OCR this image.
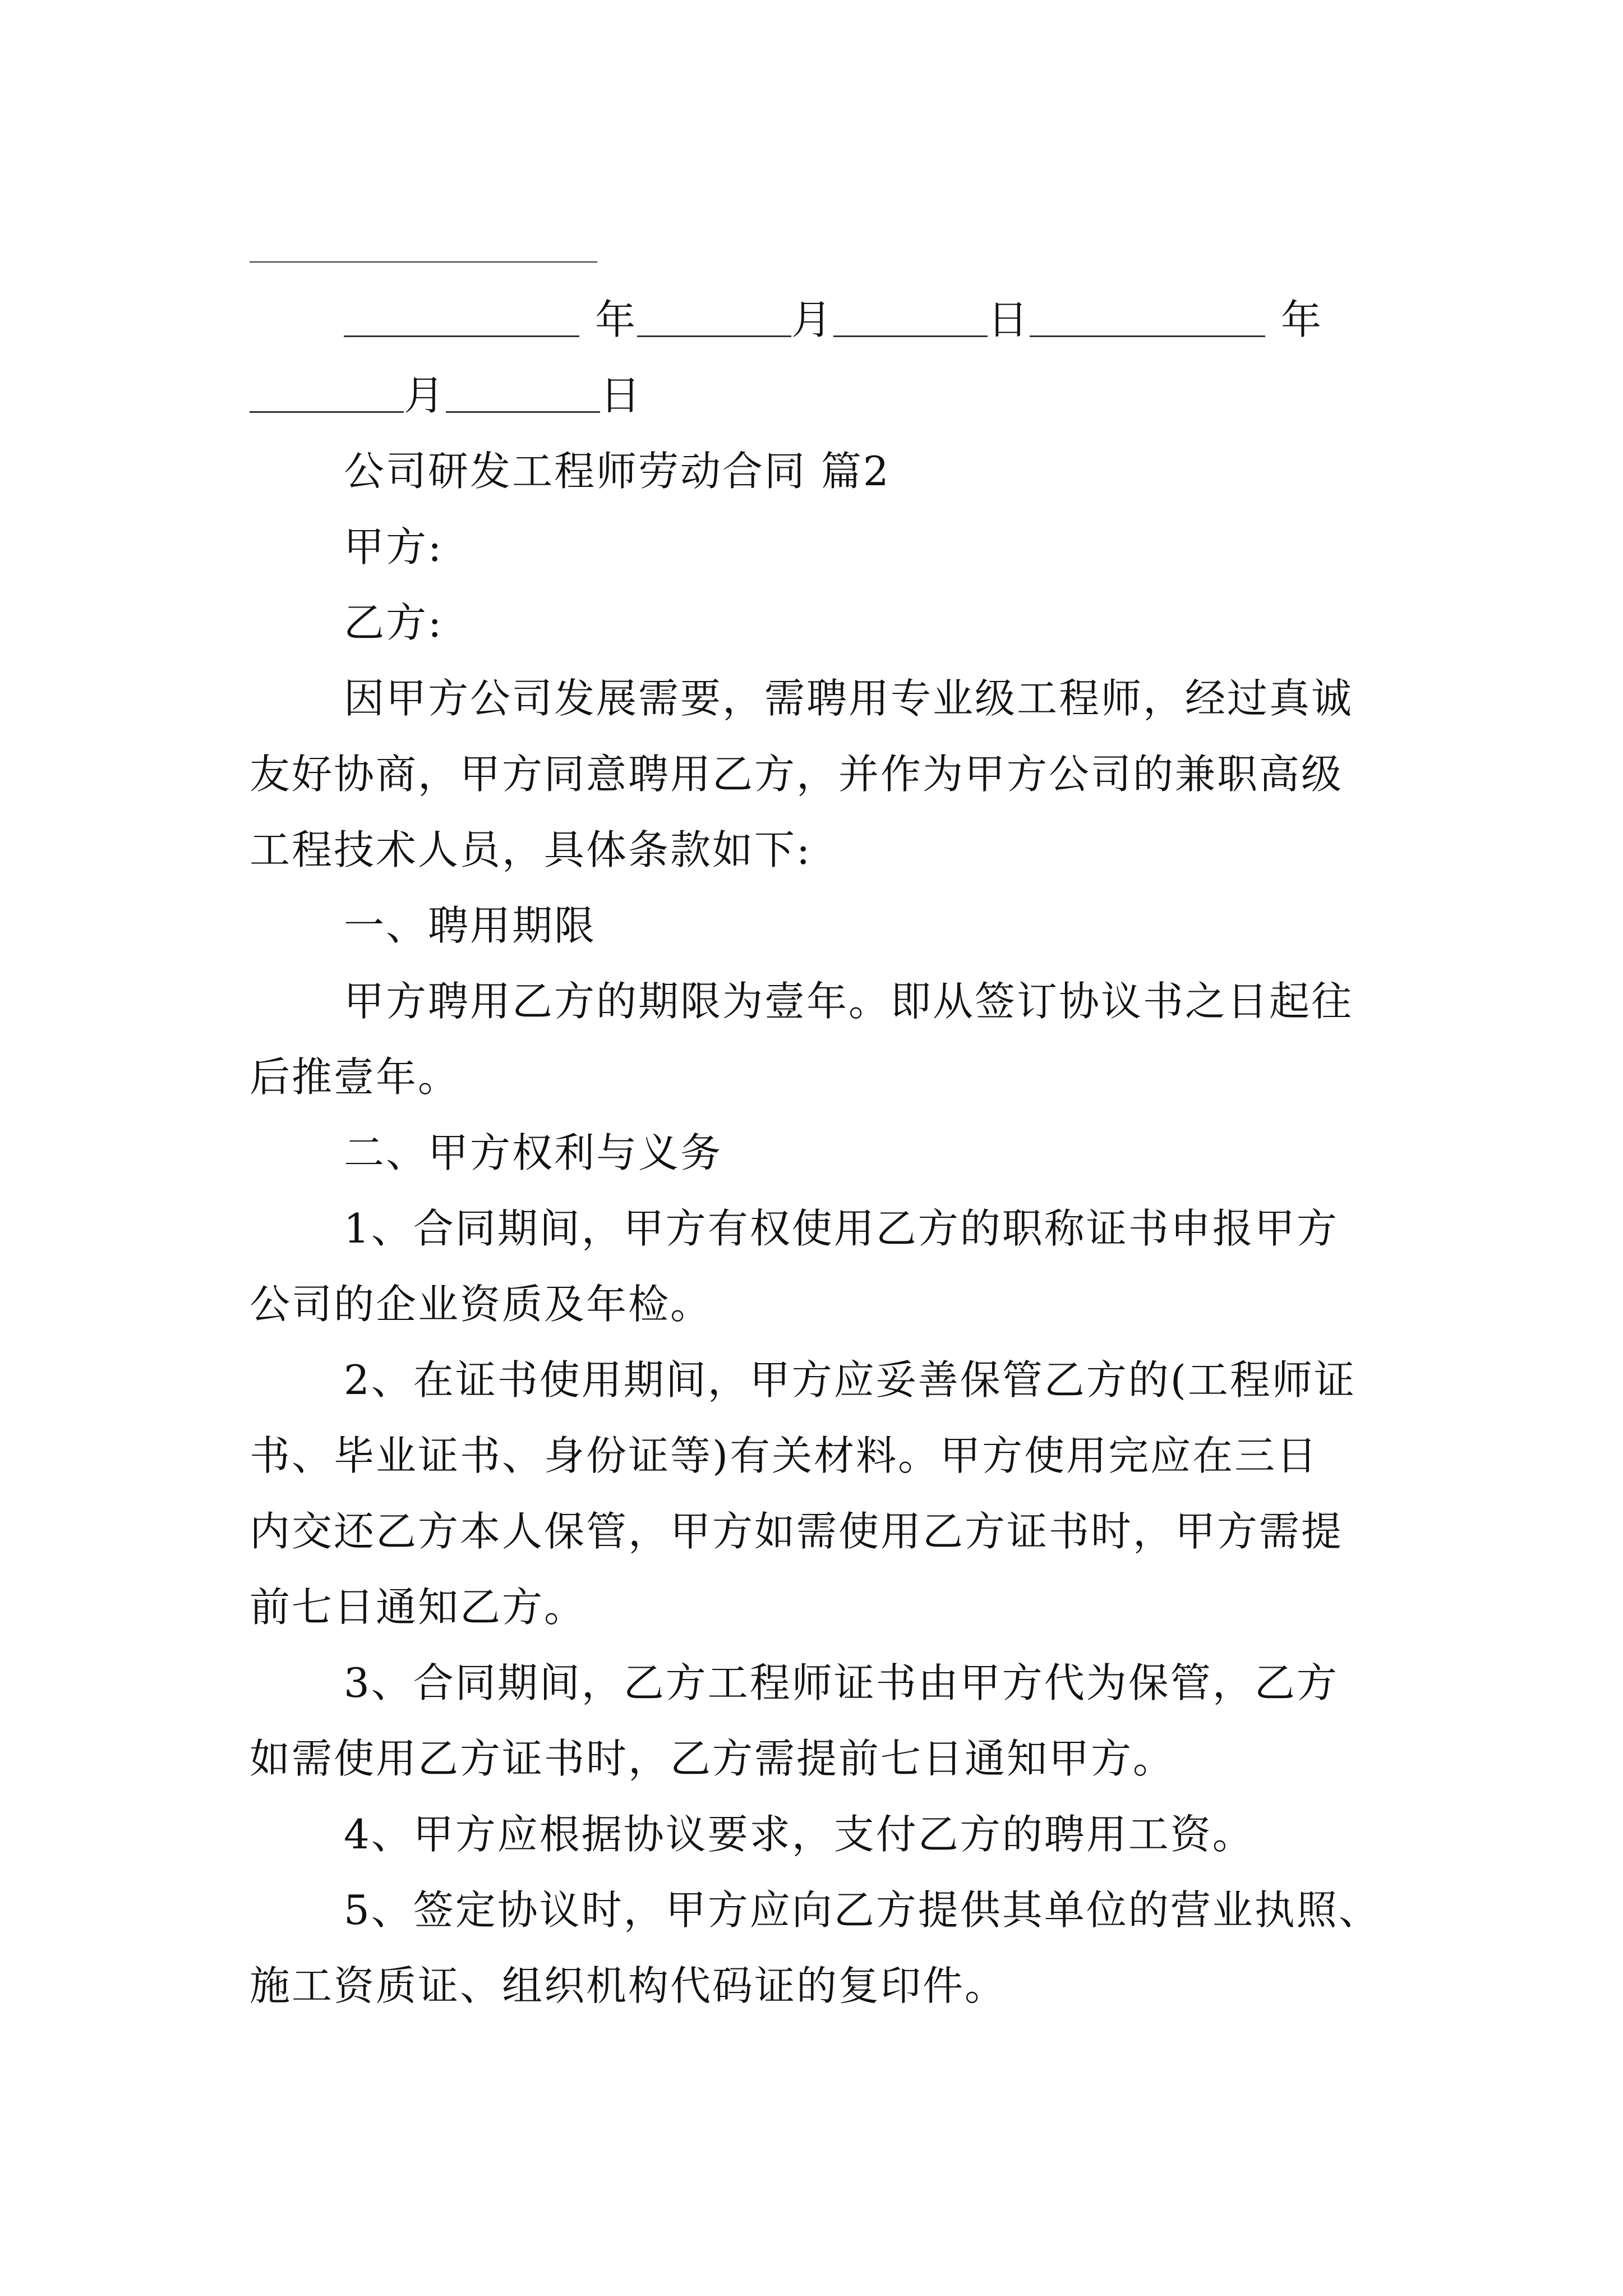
年	月	日	年
月	日
公司研发工程师劳动合同 篇2
甲方:
乙方:
因甲方公司发展需要，需聘用专业级工程师，经过真诚
友好协商，甲方同意聘用乙方，并作为甲方公司的兼职高级
工程技术人员，具体条款如下:
一、聘用期限
甲方聘用乙方的期限为壹年。即从签订协议书之日起往
后推壹年。
二、甲方权利与义务
1、合同期间，甲方有权使用乙方的职称证书申报甲方
公司的企业资质及年检。
2、在证书使用期间，甲方应妥善保管乙方的(工程师证
书、毕业证书、身份证等)有关材料。甲方使用完应在三日
内交还乙方本人保管，甲方如需使用乙方证书时，甲方需提
前七日通知乙方。
3、合同期间，乙方工程师证书由甲方代为保管，乙方
如需使用乙方证书时，乙方需提前七日通知甲方。
4、甲方应根据协议要求，支付乙方的聘用工资。
5、签定协议时，甲方应向乙方提供其单位的营业执照、
施工资质证、组织机构代码证的复印件。
